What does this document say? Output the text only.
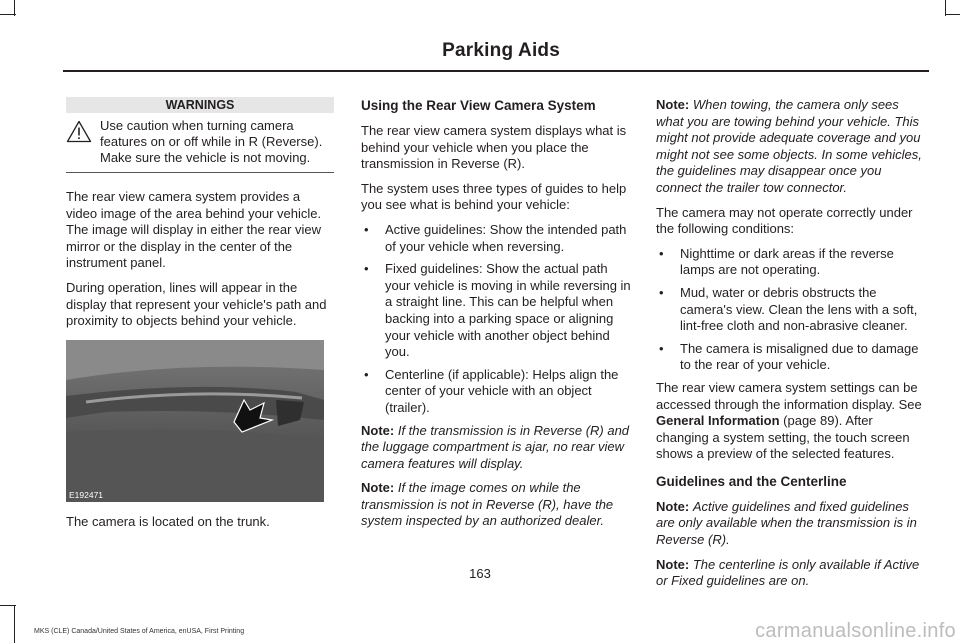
Parking Aids
WARNINGS
Use caution when turning camera features on or off while in R (Reverse). Make sure the vehicle is not moving.

The rear view camera system provides a video image of the area behind your vehicle. The image will display in either the rear view mirror or the display in the center of the instrument panel.

During operation, lines will appear in the display that represent your vehicle's path and proximity to objects behind your vehicle.

E192471

The camera is located on the trunk.

Using the Rear View Camera System

The rear view camera system displays what is behind your vehicle when you place the transmission in Reverse (R).

The system uses three types of guides to help you see what is behind your vehicle:

• Active guidelines: Show the intended path of your vehicle when reversing.
• Fixed guidelines: Show the actual path your vehicle is moving in while reversing in a straight line. This can be helpful when backing into a parking space or aligning your vehicle with another object behind you.
• Centerline (if applicable): Helps align the center of your vehicle with an object (trailer).

Note: If the transmission is in Reverse (R) and the luggage compartment is ajar, no rear view camera features will display.

Note: If the image comes on while the transmission is not in Reverse (R), have the system inspected by an authorized dealer.

Note: When towing, the camera only sees what you are towing behind your vehicle. This might not provide adequate coverage and you might not see some objects. In some vehicles, the guidelines may disappear once you connect the trailer tow connector.

The camera may not operate correctly under the following conditions:

• Nighttime or dark areas if the reverse lamps are not operating.
• Mud, water or debris obstructs the camera's view. Clean the lens with a soft, lint-free cloth and non-abrasive cleaner.
• The camera is misaligned due to damage to the rear of your vehicle.

The rear view camera system settings can be accessed through the information display. See General Information (page 89). After changing a system setting, the touch screen shows a preview of the selected features.

Guidelines and the Centerline

Note: Active guidelines and fixed guidelines are only available when the transmission is in Reverse (R).

Note: The centerline is only available if Active or Fixed guidelines are on.

163
MKS (CLE) Canada/United States of America, enUSA, First Printing	carmanualsonline.info
